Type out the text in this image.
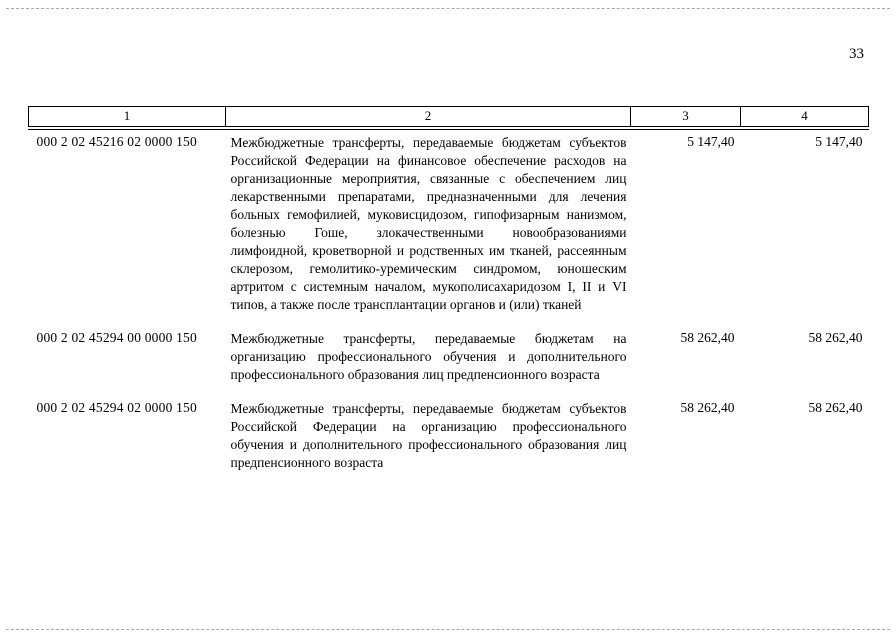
33
1	2	3	4
000 2 02 45216 02 0000 150	Межбюджетные трансферты, передаваемые бюджетам субъектов Российской Федерации на финансовое обеспечение расходов на организационные мероприятия, связанные с обеспечением лиц лекарственными препаратами, предназначенными для лечения больных гемофилией, муковисцидозом, гипофизарным нанизмом, болезнью Гоше, злокачественными новообразованиями лимфоидной, кроветворной и родственных им тканей, рассеянным склерозом, гемолитико-уремическим синдромом, юношеским артритом с системным началом, мукополисахаридозом I, II и VI типов, а также после трансплантации органов и (или) тканей	5 147,40	5 147,40
000 2 02 45294 00 0000 150	Межбюджетные трансферты, передаваемые бюджетам на организацию профессионального обучения и дополнительного профессионального образования лиц предпенсионного возраста	58 262,40	58 262,40
000 2 02 45294 02 0000 150	Межбюджетные трансферты, передаваемые бюджетам субъектов Российской Федерации на организацию профессионального обучения и дополнительного профессионального образования лиц предпенсионного возраста	58 262,40	58 262,40
